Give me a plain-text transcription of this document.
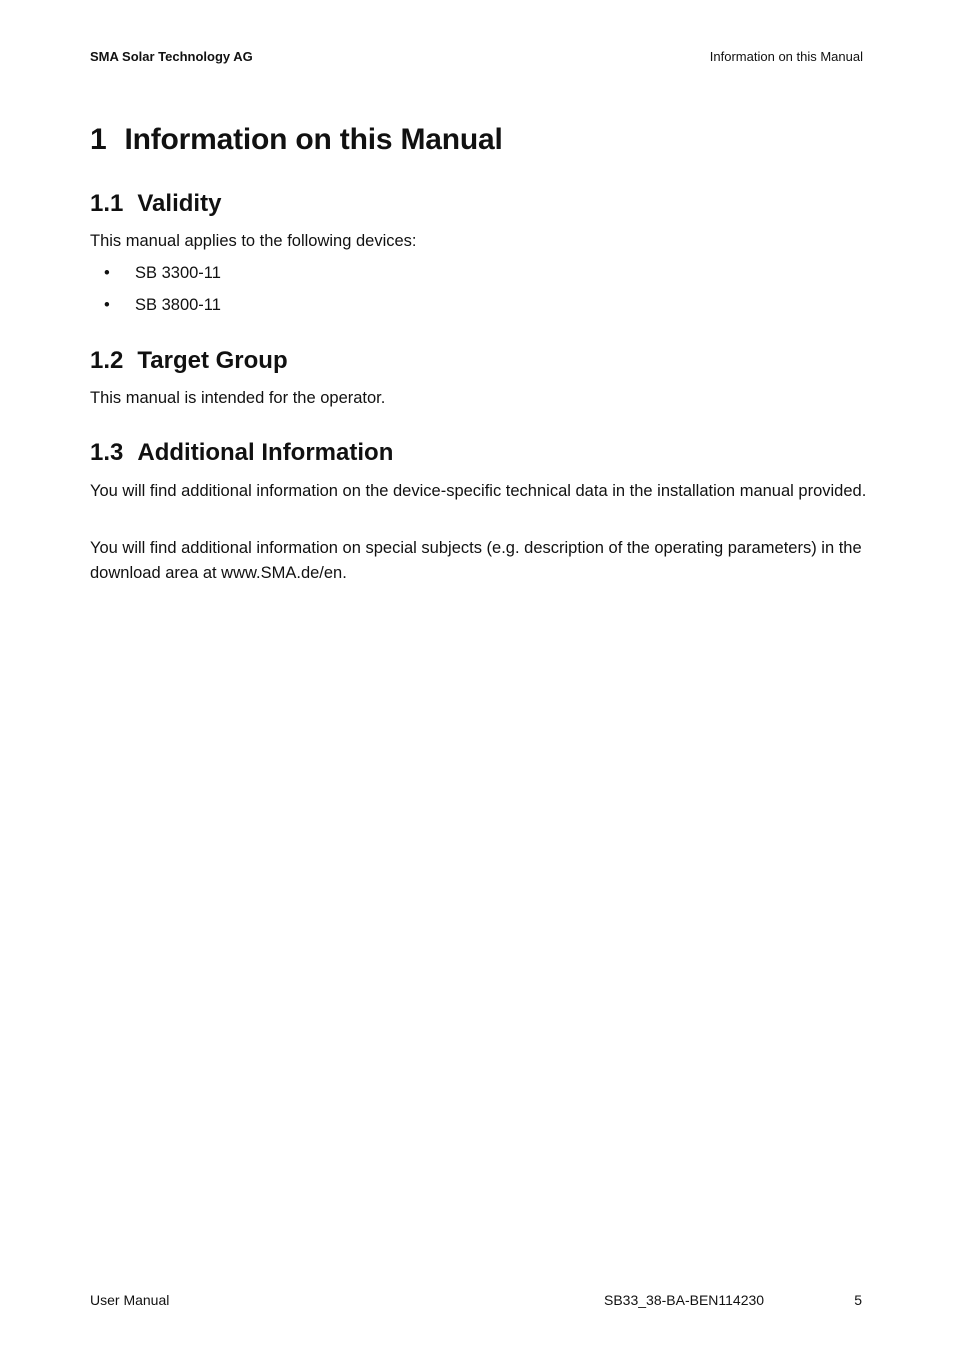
SMA Solar Technology AG	Information on this Manual
1 Information on this Manual
1.1 Validity

This manual applies to the following devices:

• SB 3300-11
• SB 3800-11
1.2 Target Group

This manual is intended for the operator.

1.3 Additional Information

You will find additional information on the device-specific technical data in the installation manual provided.

You will find additional information on special subjects (e.g. description of the operating parameters) in the download area at www.SMA.de/en.

User Manual	SB33_38-BA-BEN114230	5
